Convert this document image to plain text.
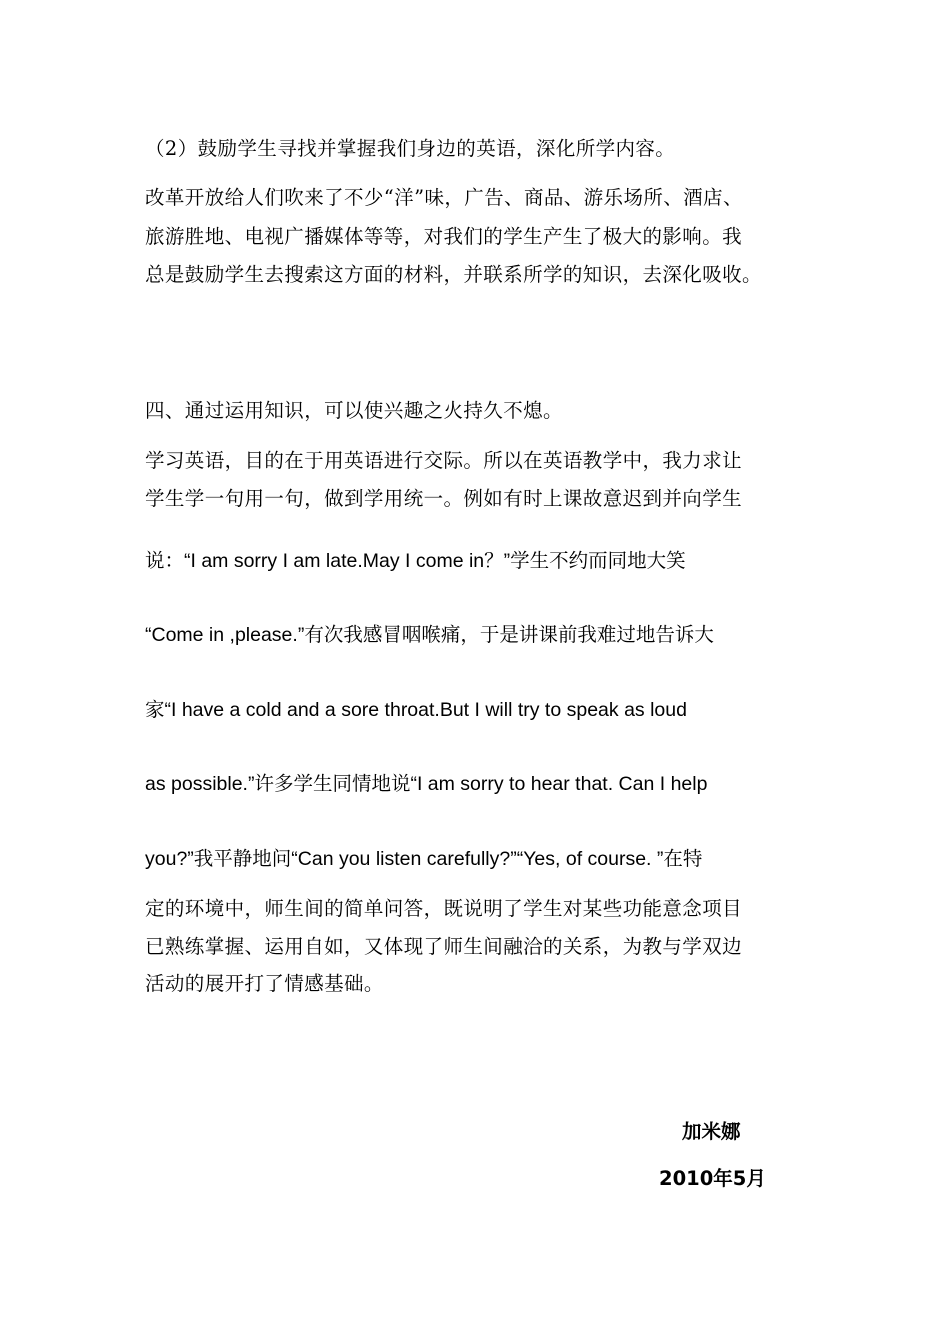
（2）鼓励学生寻找并掌握我们身边的英语，深化所学内容。
改革开放给人们吹来了不少“洋”味，广告、商品、游乐场所、酒店、
旅游胜地、电视广播媒体等等，对我们的学生产生了极大的影响。我
总是鼓励学生去搜索这方面的材料，并联系所学的知识，去深化吸收。
四、通过运用知识，可以使兴趣之火持久不熄。
学习英语，目的在于用英语进行交际。所以在英语教学中，我力求让
学生学一句用一句，做到学用统一。例如有时上课故意迟到并向学生
说：“I am sorry I am late.May I come in？”学生不约而同地大笑
“Come in ,please.”有次我感冒咽喉痛，于是讲课前我难过地告诉大
家“I have a cold and a sore throat.But I will try to speak as loud
as possible.”许多学生同情地说“I am sorry to hear that. Can I help
you?”我平静地问“Can you listen carefully?”“Yes, of course. ”在特
定的环境中，师生间的简单问答，既说明了学生对某些功能意念项目
已熟练掌握、运用自如，又体现了师生间融洽的关系，为教与学双边
活动的展开打了情感基础。
加米娜
2010年5月
